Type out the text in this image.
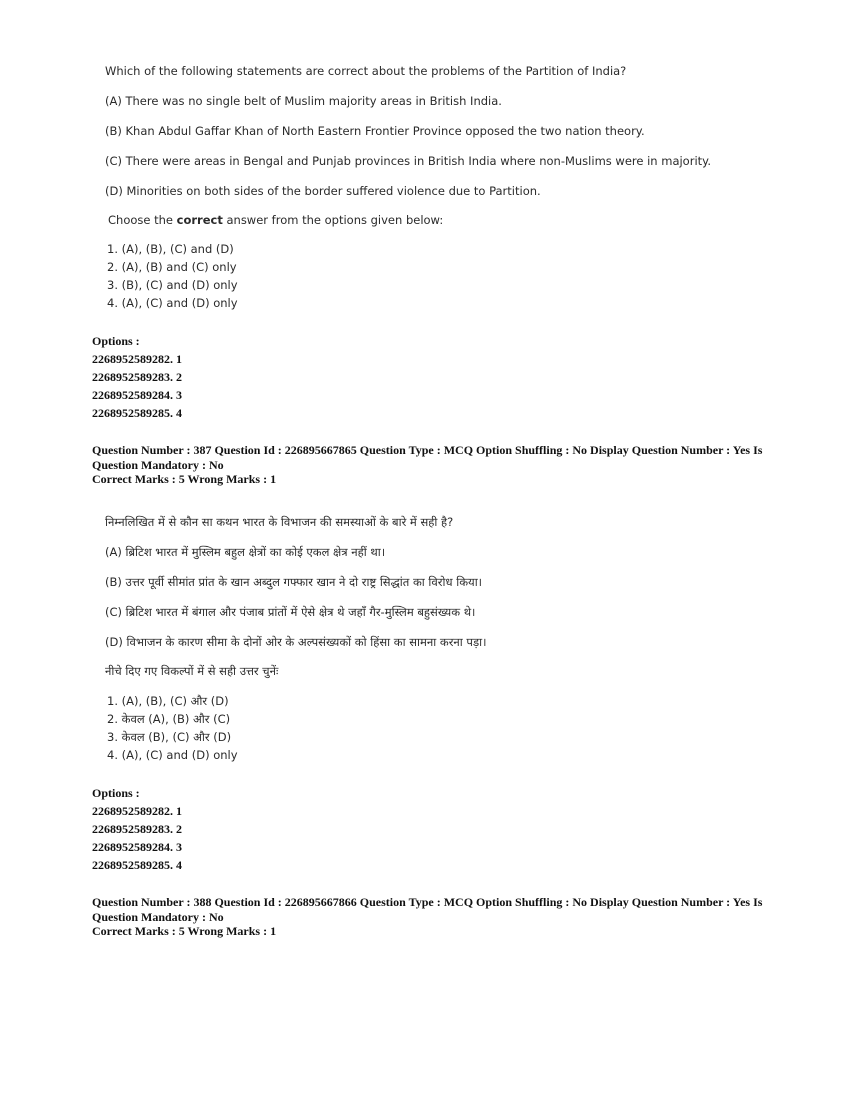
Which of the following statements are correct about the problems of the Partition of India?
(A) There was no single belt of Muslim majority areas in British India.
(B) Khan Abdul Gaffar Khan of North Eastern Frontier Province opposed the two nation theory.
(C) There were areas in Bengal and Punjab provinces in British India where non-Muslims were in majority.
(D) Minorities on both sides of the border suffered violence due to Partition.
Choose the correct answer from the options given below:
1. (A), (B), (C) and (D)
2. (A), (B) and (C) only
3. (B), (C) and (D) only
4. (A), (C) and (D) only
Options :
2268952589282. 1
2268952589283. 2
2268952589284. 3
2268952589285. 4
Question Number : 387 Question Id : 226895667865 Question Type : MCQ Option Shuffling : No Display Question Number : Yes Is Question Mandatory : No
Correct Marks : 5 Wrong Marks : 1
निम्नलिखित में से कौन सा कथन भारत के विभाजन की समस्याओं के बारे में सही है?
(A) ब्रिटिश भारत में मुस्लिम बहुल क्षेत्रों का कोई एकल क्षेत्र नहीं था।
(B) उत्तर पूर्वी सीमांत प्रांत के खान अब्दुल गफ्फार खान ने दो राष्ट्र सिद्धांत का विरोध किया।
(C) ब्रिटिश भारत में बंगाल और पंजाब प्रांतों में ऐसे क्षेत्र थे जहाँ गैर-मुस्लिम बहुसंख्यक थे।
(D) विभाजन के कारण सीमा के दोनों ओर के अल्पसंख्यकों को हिंसा का सामना करना पड़ा।
नीचे दिए गए विकल्पों में से सही उत्तर चुनेंः
1. (A), (B), (C) और (D)
2. केवल (A), (B) और (C)
3. केवल (B), (C) और (D)
4. (A), (C) and (D) only
Options :
2268952589282. 1
2268952589283. 2
2268952589284. 3
2268952589285. 4
Question Number : 388 Question Id : 226895667866 Question Type : MCQ Option Shuffling : No Display Question Number : Yes Is Question Mandatory : No
Correct Marks : 5 Wrong Marks : 1
